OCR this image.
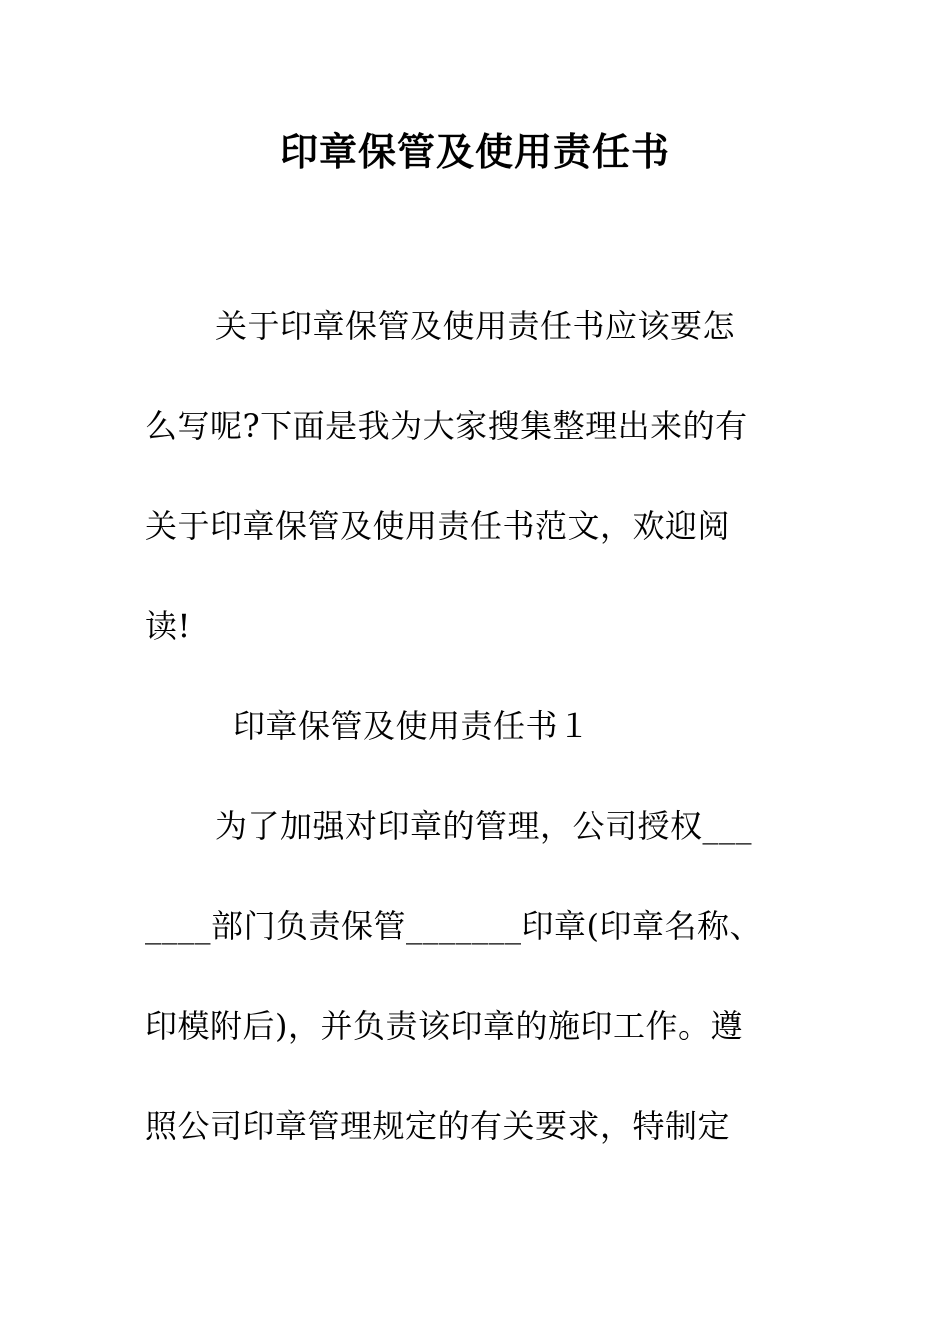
印章保管及使用责任书

关于印章保管及使用责任书应该要怎

么写呢?下面是我为大家搜集整理出来的有

关于印章保管及使用责任书范文，欢迎阅

读!

印章保管及使用责任书１

为了加强对印章的管理，公司授权___

____部门负责保管_______印章(印章名称、

印模附后)，并负责该印章的施印工作。遵

照公司印章管理规定的有关要求，特制定
